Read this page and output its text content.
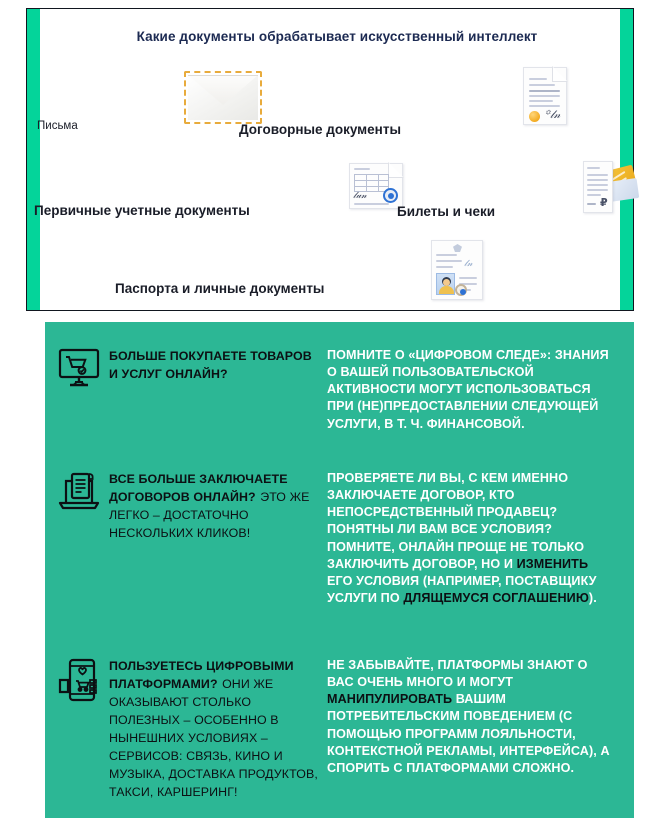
Какие документы обрабатывает искусственный интеллект
Письма
꙳𝓁𝓃
Договорные документы
𝓁𝓊𝓃
Первичные учетные документы	₽
Билеты и чеки
𝓁𝓃
Паспорта и личные документы
БОЛЬШЕ ПОКУПАЕТЕ ТОВАРОВ И УСЛУГ ОНЛАЙН?
ПОМНИТЕ О «ЦИФРОВОМ СЛЕДЕ»: ЗНАНИЯ О ВАШЕЙ ПОЛЬЗОВАТЕЛЬСКОЙ АКТИВНОСТИ МОГУТ ИСПОЛЬЗОВАТЬСЯ ПРИ (НЕ)ПРЕДОСТАВЛЕНИИ СЛЕДУЮЩЕЙ УСЛУГИ, В Т. Ч. ФИНАНСОВОЙ.
ВСЕ БОЛЬШЕ ЗАКЛЮЧАЕТЕ ДОГОВОРОВ ОНЛАЙН? ЭТО ЖЕ ЛЕГКО – ДОСТАТОЧНО НЕСКОЛЬКИХ КЛИКОВ!
ПРОВЕРЯЕТЕ ЛИ ВЫ, С КЕМ ИМЕННО ЗАКЛЮЧАЕТЕ ДОГОВОР, КТО НЕПОСРЕДСТВЕННЫЙ ПРОДАВЕЦ? ПОНЯТНЫ ЛИ ВАМ ВСЕ УСЛОВИЯ? ПОМНИТЕ, ОНЛАЙН ПРОЩЕ НЕ ТОЛЬКО ЗАКЛЮЧИТЬ ДОГОВОР, НО И ИЗМЕНИТЬ ЕГО УСЛОВИЯ (НАПРИМЕР, ПОСТАВЩИКУ УСЛУГИ ПО ДЛЯЩЕМУСЯ СОГЛАШЕНИЮ).
ПОЛЬЗУЕТЕСЬ ЦИФРОВЫМИ ПЛАТФОРМАМИ? ОНИ ЖЕ ОКАЗЫВАЮТ СТОЛЬКО ПОЛЕЗНЫХ – ОСОБЕННО В НЫНЕШНИХ УСЛОВИЯХ – СЕРВИСОВ: СВЯЗЬ, КИНО И МУЗЫКА, ДОСТАВКА ПРОДУКТОВ, ТАКСИ, КАРШЕРИНГ!
НЕ ЗАБЫВАЙТЕ, ПЛАТФОРМЫ ЗНАЮТ О ВАС ОЧЕНЬ МНОГО И МОГУТ МАНИПУЛИРОВАТЬ ВАШИМ ПОТРЕБИТЕЛЬСКИМ ПОВЕДЕНИЕМ (С ПОМОЩЬЮ ПРОГРАММ ЛОЯЛЬНОСТИ, КОНТЕКСТНОЙ РЕКЛАМЫ, ИНТЕРФЕЙСА), А СПОРИТЬ С ПЛАТФОРМАМИ СЛОЖНО.
